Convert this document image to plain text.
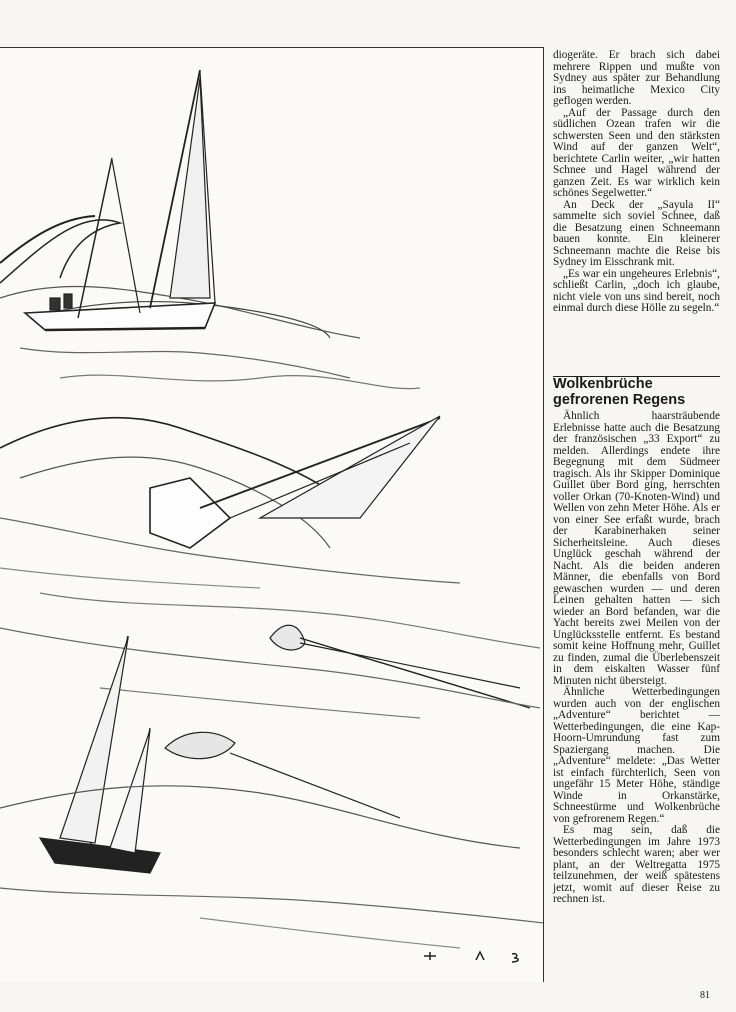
diogeräte. Er brach sich dabei mehrere Rippen und mußte von Sydney aus später zur Behandlung ins heimatliche Mexico City geflogen werden.

„Auf der Passage durch den südlichen Ozean trafen wir die schwersten Seen und den stärksten Wind auf der ganzen Welt“, berichtete Carlin weiter, „wir hatten Schnee und Hagel während der ganzen Zeit. Es war wirklich kein schönes Segelwetter.“

An Deck der „Sayula II“ sammelte sich soviel Schnee, daß die Besatzung einen Schneemann bauen konnte. Ein kleinerer Schneemann machte die Reise bis Sydney im Eisschrank mit.

„Es war ein ungeheures Erlebnis“, schließt Carlin, „doch ich glaube, nicht viele von uns sind bereit, noch einmal durch diese Hölle zu segeln.“

Wolkenbrüche
gefrorenen Regens

Ähnlich haarsträubende Erlebnisse hatte auch die Besatzung der französischen „33 Export“ zu melden. Allerdings endete ihre Begegnung mit dem Südmeer tragisch. Als ihr Skipper Dominique Guillet über Bord ging, herrschten voller Orkan (70-Knoten-Wind) und Wellen von zehn Meter Höhe. Als er von einer See erfaßt wurde, brach der Karabinerhaken seiner Sicherheitsleine. Auch dieses Unglück geschah während der Nacht. Als die beiden anderen Männer, die ebenfalls von Bord gewaschen wurden — und deren Leinen gehalten hatten — sich wieder an Bord befanden, war die Yacht bereits zwei Meilen von der Unglücksstelle entfernt. Es bestand somit keine Hoffnung mehr, Guillet zu finden, zumal die Überlebenszeit in dem eiskalten Wasser fünf Minuten nicht übersteigt.

Ähnliche Wetterbedingungen wurden auch von der englischen „Adventure“ berichtet — Wetterbedingungen, die eine Kap-Hoorn-Umrundung fast zum Spaziergang machen. Die „Adventure“ meldete: „Das Wetter ist einfach fürchterlich, Seen von ungefähr 15 Meter Höhe, ständige Winde in Orkanstärke, Schneestürme und Wolkenbrüche von gefrorenem Regen.“

Es mag sein, daß die Wetterbedingungen im Jahre 1973 besonders schlecht waren; aber wer plant, an der Weltregatta 1975 teilzunehmen, der weiß spätestens jetzt, womit auf dieser Reise zu rechnen ist.

81
